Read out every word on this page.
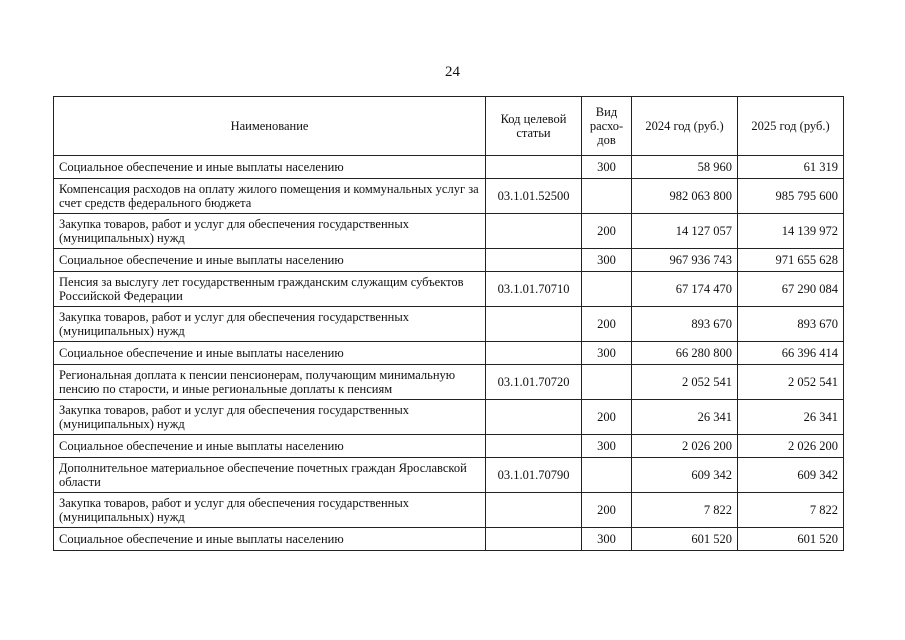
24
Наименование	Код целевой статьи	Вид расхо-дов	2024 год (руб.)	2025 год (руб.)
Социальное обеспечение и иные выплаты населению		300	58 960	61 319
Компенсация расходов на оплату жилого помещения и коммунальных услуг за счет средств федерального бюджета	03.1.01.52500		982 063 800	985 795 600
Закупка товаров, работ и услуг для обеспечения государственных (муниципальных) нужд		200	14 127 057	14 139 972
Социальное обеспечение и иные выплаты населению		300	967 936 743	971 655 628
Пенсия за выслугу лет государственным гражданским служащим субъектов Российской Федерации	03.1.01.70710		67 174 470	67 290 084
Закупка товаров, работ и услуг для обеспечения государственных (муниципальных) нужд		200	893 670	893 670
Социальное обеспечение и иные выплаты населению		300	66 280 800	66 396 414
Региональная доплата к пенсии пенсионерам, получающим минимальную пенсию по старости, и иные региональные доплаты к пенсиям	03.1.01.70720		2 052 541	2 052 541
Закупка товаров, работ и услуг для обеспечения государственных (муниципальных) нужд		200	26 341	26 341
Социальное обеспечение и иные выплаты населению		300	2 026 200	2 026 200
Дополнительное материальное обеспечение почетных граждан Ярославской области	03.1.01.70790		609 342	609 342
Закупка товаров, работ и услуг для обеспечения государственных (муниципальных) нужд		200	7 822	7 822
Социальное обеспечение и иные выплаты населению		300	601 520	601 520
